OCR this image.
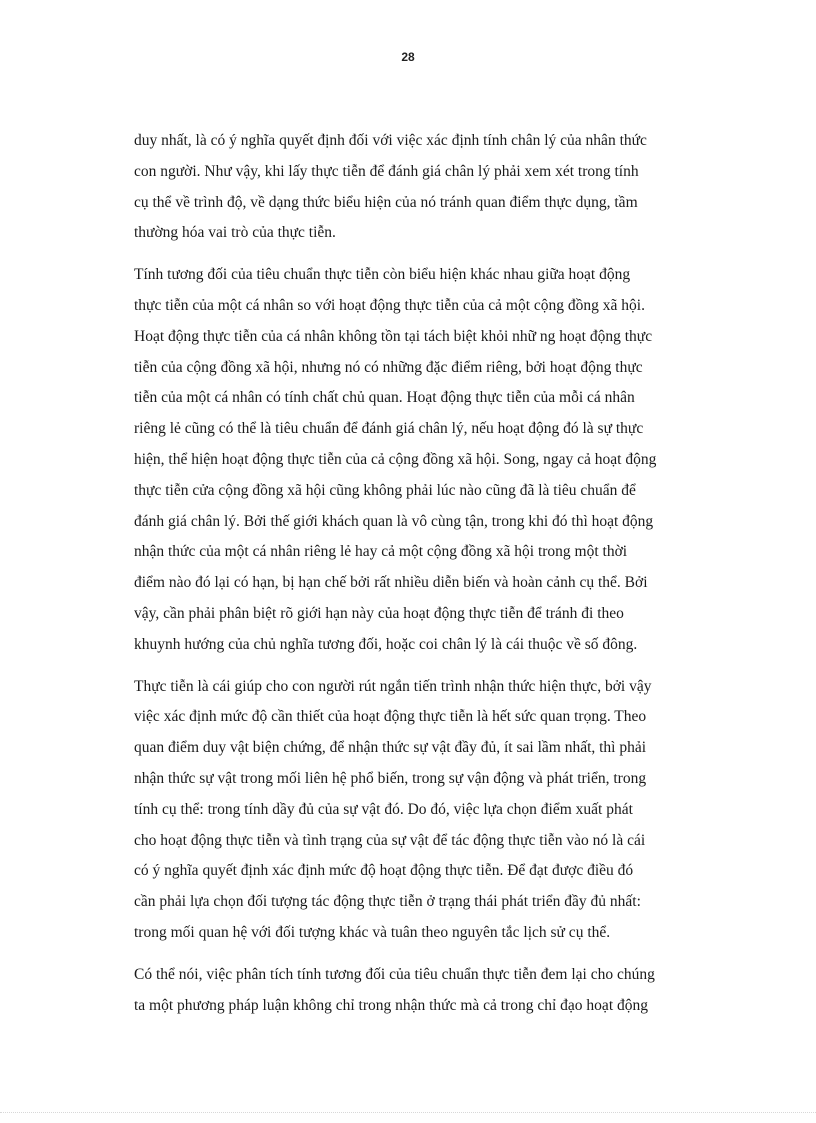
28

duy nhất, là có ý nghĩa quyết định đối với việc xác định tính chân lý của nhân thức
con người. Như vậy, khi lấy thực tiễn để đánh giá chân lý phải xem xét trong tính
cụ thể về trình độ, về dạng thức biểu hiện của nó tránh quan điểm thực dụng, tầm
thường hóa vai trò của thực tiễn.

Tính tương đối của tiêu chuẩn thực tiễn còn biểu hiện khác nhau giữa hoạt động
thực tiễn của một cá nhân so với hoạt động thực tiễn của cả một cộng đồng xã hội.
Hoạt động thực tiễn của cá nhân không tồn tại tách biệt khỏi nhữ ng hoạt động thực
tiễn của cộng đồng xã hội, nhưng nó có những đặc điểm riêng, bởi hoạt động thực
tiễn của một cá nhân có tính chất chủ quan. Hoạt động thực tiễn của mỗi cá nhân
riêng lẻ cũng có thể là tiêu chuẩn để đánh giá chân lý, nếu hoạt động đó là sự thực
hiện, thể hiện hoạt động thực tiễn của cả cộng đồng xã hội. Song, ngay cả hoạt động
thực tiễn cửa cộng đồng xã hội cũng không phải lúc nào cũng đã là tiêu chuẩn để
đánh giá chân lý. Bởi thế giới khách quan là vô cùng tận, trong khi đó thì hoạt động
nhận thức của một cá nhân riêng lẻ hay cả một cộng đồng xã hội trong một thời
điểm nào đó lại có hạn, bị hạn chế bởi rất nhiều diễn biến và hoàn cảnh cụ thể. Bởi
vậy, cần phải phân biệt rõ giới hạn này của hoạt động thực tiễn để tránh đi theo
khuynh hướng của chủ nghĩa tương đối, hoặc coi chân lý là cái thuộc về số đông.

Thực tiễn là cái giúp cho con người rút ngắn tiến trình nhận thức hiện thực, bởi vậy
việc xác định mức độ cần thiết của hoạt động thực tiễn là hết sức quan trọng. Theo
quan điểm duy vật biện chứng, để nhận thức sự vật đầy đủ, ít sai lầm nhất, thì phải
nhận thức sự vật trong mối liên hệ phổ biến, trong sự vận động và phát triển, trong
tính cụ thể: trong tính dầy đủ của sự vật đó. Do đó, việc lựa chọn điểm xuất phát
cho hoạt động thực tiễn và tình trạng của sự vật để tác động thực tiễn vào nó là cái
có ý nghĩa quyết định xác định mức độ hoạt động thực tiễn. Để đạt được điều đó
cần phải lựa chọn đối tượng tác động thực tiễn ở trạng thái phát triển đầy đủ nhất:
trong mối quan hệ với đối tượng khác và tuân theo nguyên tắc lịch sử cụ thể.

Có thể nói, việc phân tích tính tương đối của tiêu chuẩn thực tiễn đem lại cho chúng
ta một phương pháp luận không chỉ trong nhận thức mà cả trong chỉ đạo hoạt động
